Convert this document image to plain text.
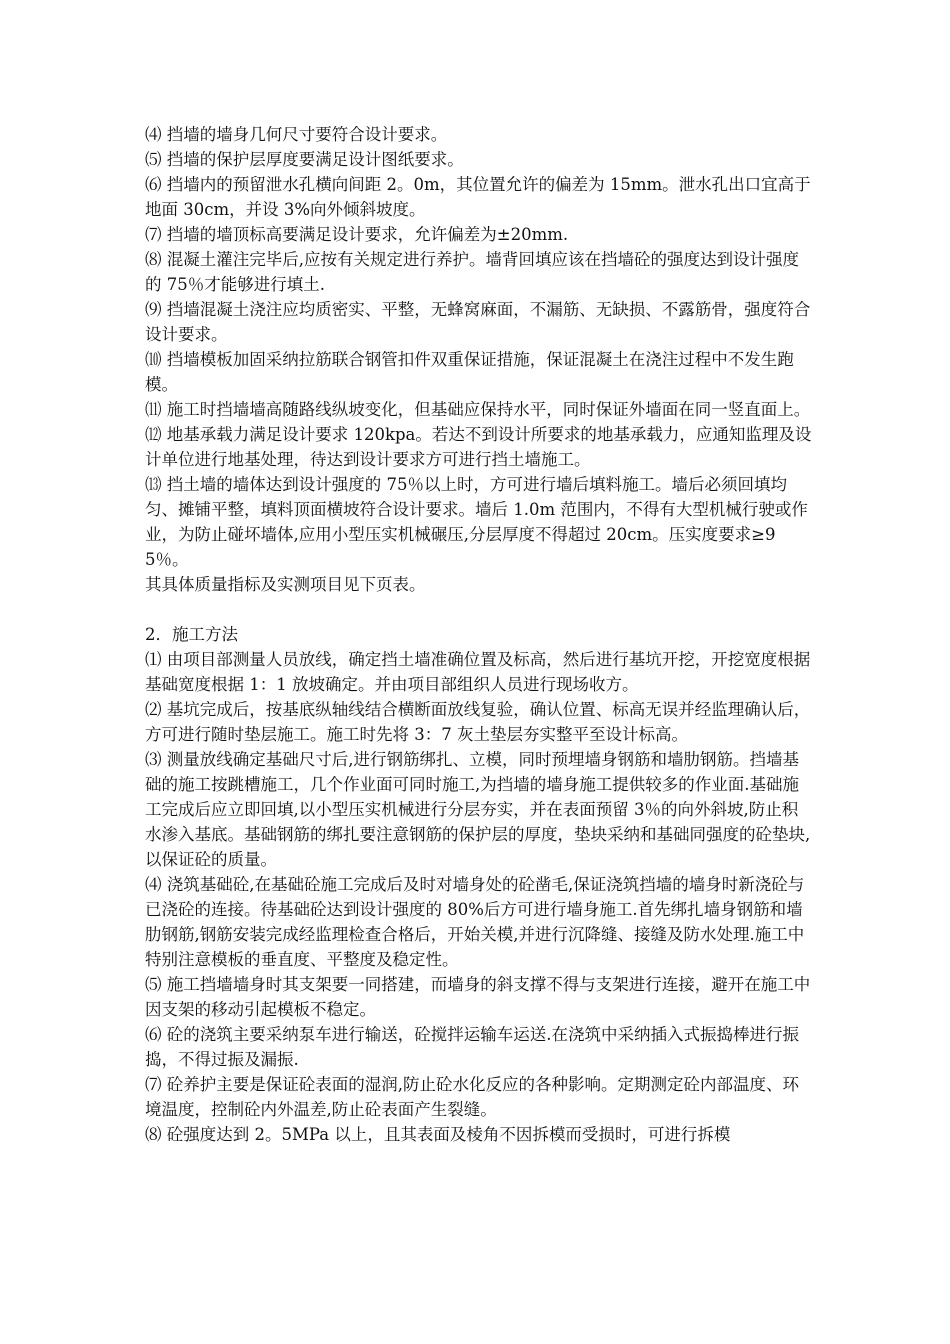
⑷ 挡墙的墙身几何尺寸要符合设计要求。

⑸ 挡墙的保护层厚度要满足设计图纸要求。

⑹ 挡墙内的预留泄水孔横向间距 2。0m，其位置允许的偏差为 15mm。泄水孔出口宜高于地面 30cm，并设 3%向外倾斜坡度。

⑺ 挡墙的墙顶标高要满足设计要求，允许偏差为±20mm.

⑻ 混凝土灌注完毕后,应按有关规定进行养护。墙背回填应该在挡墙砼的强度达到设计强度的 75％才能够进行填土.

⑼ 挡墙混凝土浇注应均质密实、平整，无蜂窝麻面，不漏筋、无缺损、不露筋骨，强度符合设计要求。

⑽ 挡墙模板加固采纳拉筋联合钢管扣件双重保证措施，保证混凝土在浇注过程中不发生跑模。

⑾ 施工时挡墙墙高随路线纵坡变化，但基础应保持水平，同时保证外墙面在同一竖直面上。

⑿ 地基承载力满足设计要求 120kpa。若达不到设计所要求的地基承载力，应通知监理及设计单位进行地基处理，待达到设计要求方可进行挡土墙施工。

⒀ 挡土墙的墙体达到设计强度的 75％以上时，方可进行墙后填料施工。墙后必须回填均匀、摊铺平整，填料顶面横坡符合设计要求。墙后 1.0m 范围内，不得有大型机械行驶或作业，为防止碰坏墙体,应用小型压实机械碾压,分层厚度不得超过 20cm。压实度要求≥95％。

其具体质量指标及实测项目见下页表。

2．施工方法

⑴ 由项目部测量人员放线，确定挡土墙准确位置及标高，然后进行基坑开挖，开挖宽度根据基础宽度根据 1：1 放坡确定。并由项目部组织人员进行现场收方。

⑵ 基坑完成后，按基底纵轴线结合横断面放线复验，确认位置、标高无误并经监理确认后，方可进行随时垫层施工。施工时先将 3：7 灰土垫层夯实整平至设计标高。

⑶ 测量放线确定基础尺寸后,进行钢筋绑扎、立模，同时预埋墙身钢筋和墙肋钢筋。挡墙基础的施工按跳槽施工，几个作业面可同时施工,为挡墙的墙身施工提供较多的作业面.基础施工完成后应立即回填,以小型压实机械进行分层夯实，并在表面预留 3％的向外斜坡,防止积水渗入基底。基础钢筋的绑扎要注意钢筋的保护层的厚度，垫块采纳和基础同强度的砼垫块,以保证砼的质量。

⑷ 浇筑基础砼,在基础砼施工完成后及时对墙身处的砼凿毛,保证浇筑挡墙的墙身时新浇砼与已浇砼的连接。待基础砼达到设计强度的 80%后方可进行墙身施工.首先绑扎墙身钢筋和墙肋钢筋,钢筋安装完成经监理检查合格后，开始关模,并进行沉降缝、接缝及防水处理.施工中特别注意模板的垂直度、平整度及稳定性。

⑸ 施工挡墙墙身时其支架要一同搭建，而墙身的斜支撑不得与支架进行连接，避开在施工中因支架的移动引起模板不稳定。

⑹ 砼的浇筑主要采纳泵车进行输送，砼搅拌运输车运送.在浇筑中采纳插入式振捣棒进行振捣，不得过振及漏振.

⑺ 砼养护主要是保证砼表面的湿润,防止砼水化反应的各种影响。定期测定砼内部温度、环境温度，控制砼内外温差,防止砼表面产生裂缝。

⑻ 砼强度达到 2。5MPa 以上，且其表面及棱角不因拆模而受损时，可进行拆模
